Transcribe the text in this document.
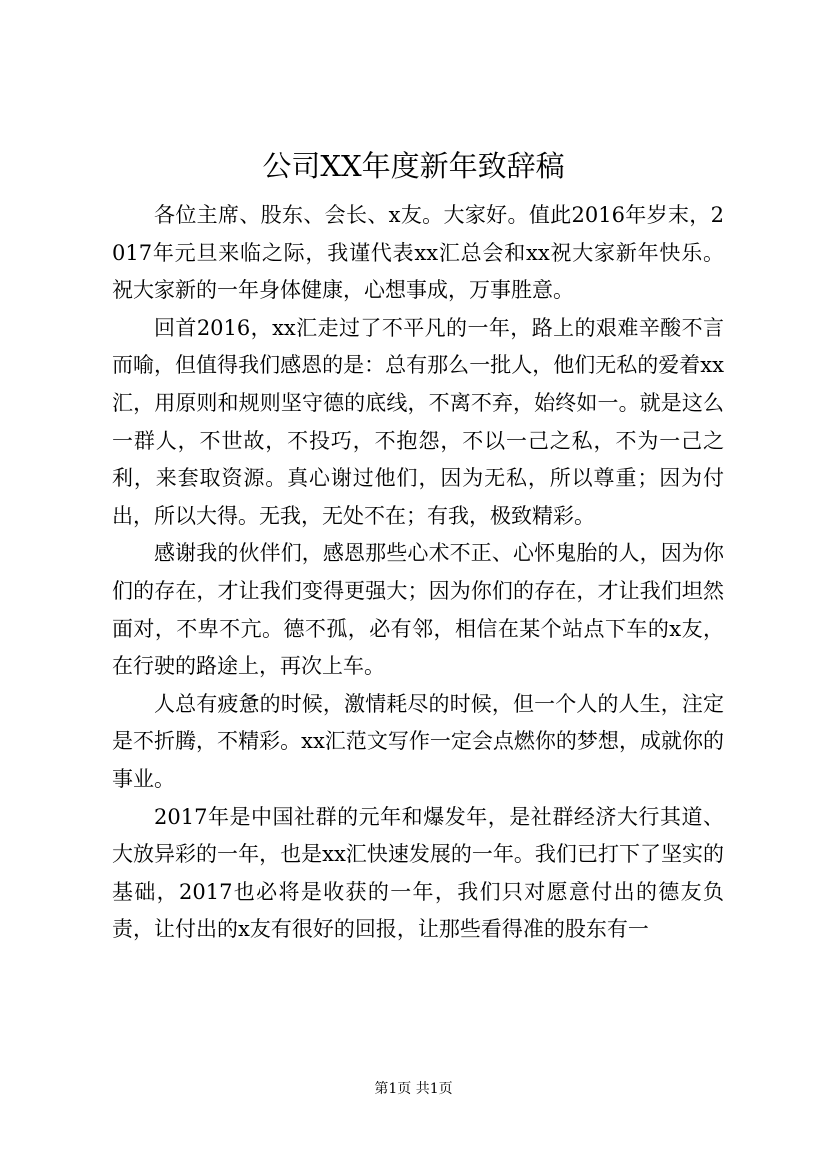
公司XX年度新年致辞稿

各位主席、股东、会长、x友。大家好。值此2016年岁末，2017年元旦来临之际，我谨代表xx汇总会和xx祝大家新年快乐。祝大家新的一年身体健康，心想事成，万事胜意。

回首2016，xx汇走过了不平凡的一年，路上的艰难辛酸不言而喻，但值得我们感恩的是：总有那么一批人，他们无私的爱着xx汇，用原则和规则坚守德的底线，不离不弃，始终如一。就是这么一群人，不世故，不投巧，不抱怨，不以一己之私，不为一己之利，来套取资源。真心谢过他们，因为无私，所以尊重；因为付出，所以大得。无我，无处不在；有我，极致精彩。

感谢我的伙伴们，感恩那些心术不正、心怀鬼胎的人，因为你们的存在，才让我们变得更强大；因为你们的存在，才让我们坦然面对，不卑不亢。德不孤，必有邻，相信在某个站点下车的x友，在行驶的路途上，再次上车。

人总有疲惫的时候，激情耗尽的时候，但一个人的人生，注定是不折腾，不精彩。xx汇范文写作一定会点燃你的梦想，成就你的事业。

2017年是中国社群的元年和爆发年，是社群经济大行其道、大放异彩的一年，也是xx汇快速发展的一年。我们已打下了坚实的基础，2017也必将是收获的一年，我们只对愿意付出的德友负责，让付出的x友有很好的回报，让那些看得准的股东有一

第1页 共1页
